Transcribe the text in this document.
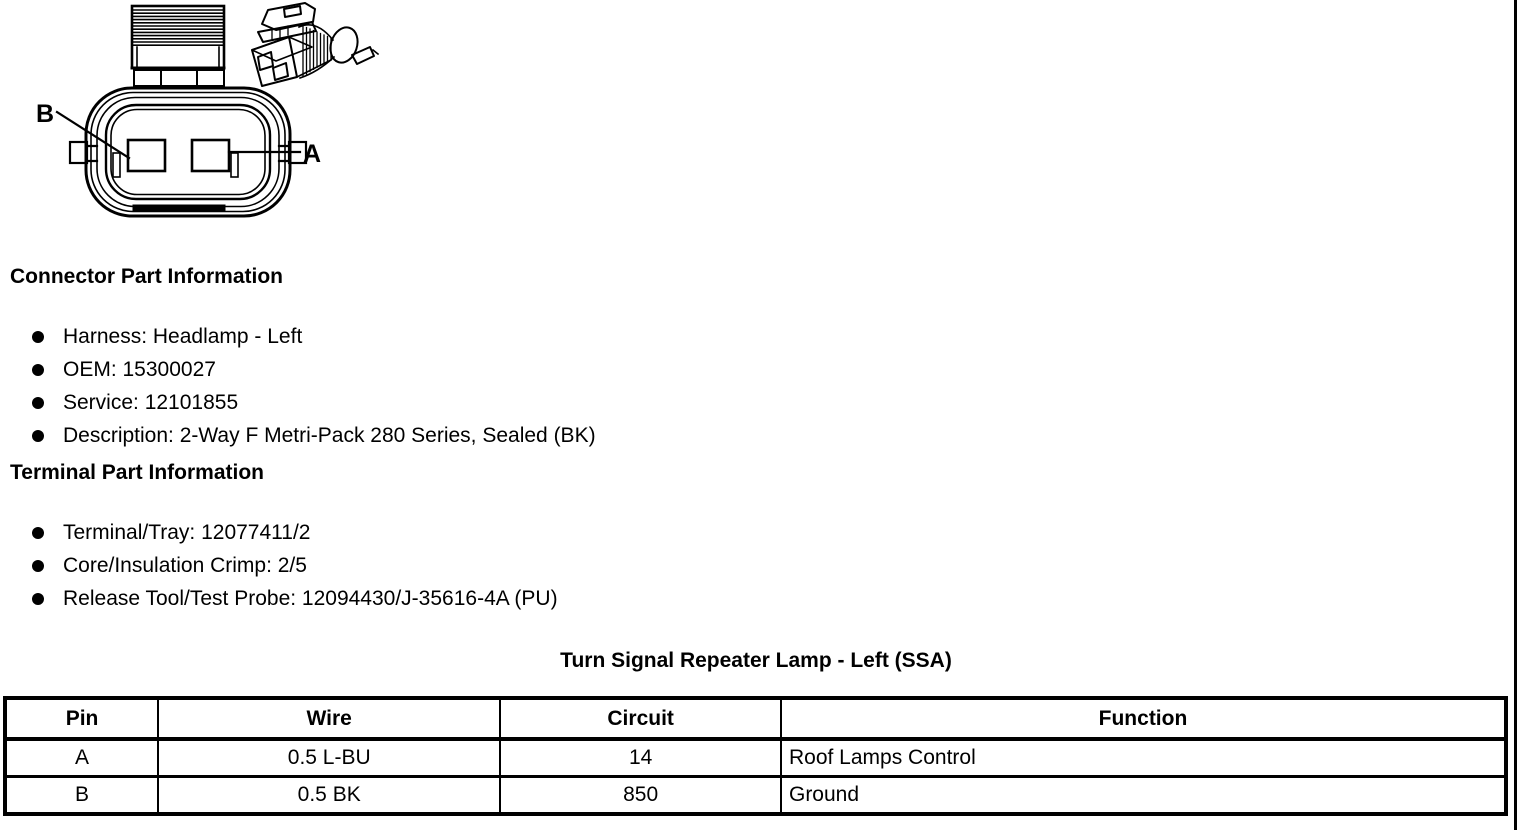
B
A
Connector Part Information
Harness: Headlamp - Left
OEM: 15300027
Service: 12101855
Description: 2-Way F Metri-Pack 280 Series, Sealed (BK)
Terminal Part Information
Terminal/Tray: 12077411/2
Core/Insulation Crimp: 2/5
Release Tool/Test Probe: 12094430/J-35616-4A (PU)

Turn Signal Repeater Lamp - Left (SSA)

Pin	Wire	Circuit	Function
A	0.5 L-BU	14	Roof Lamps Control
B	0.5 BK	850	Ground
